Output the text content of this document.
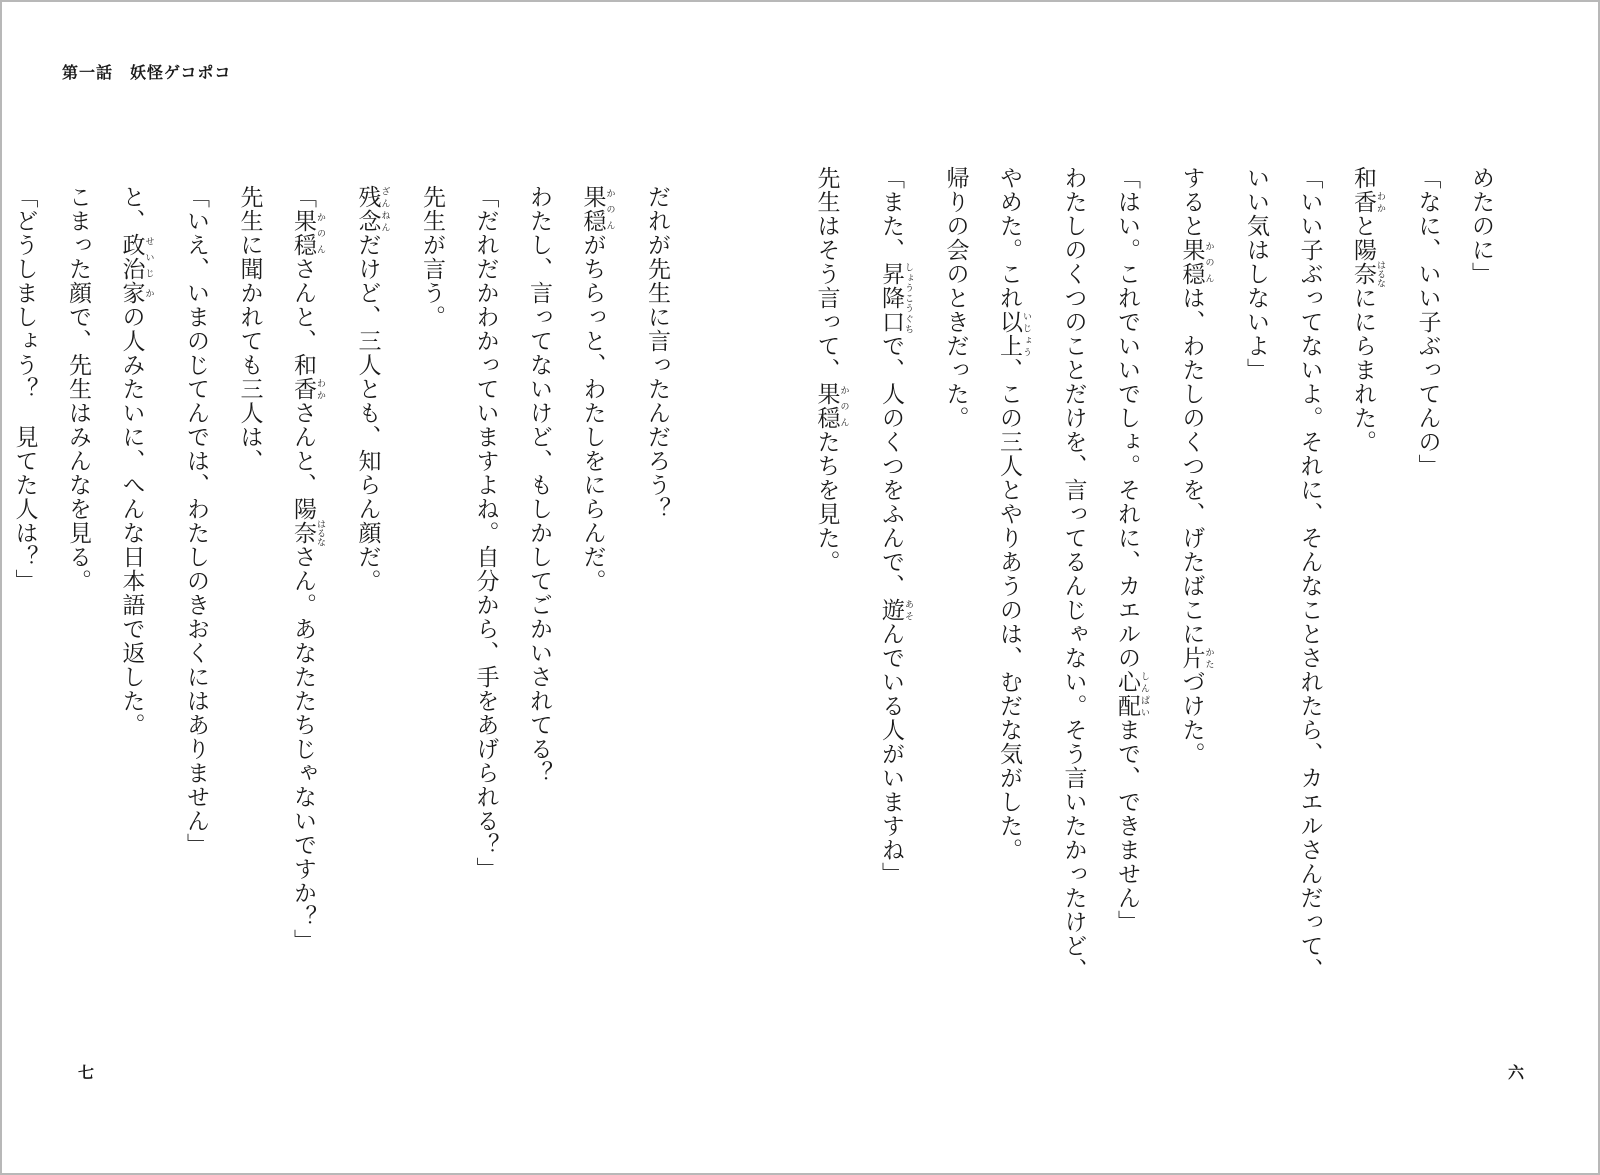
第一話　 妖怪ゲコポコ
めたのに」
「なに、いい子ぶってんの」
和香 わかと陽奈 はるなににらまれた。
「いい子ぶってないよ。それに、そんなことされたら、カエルさんだって、
いい気はしないよ」
すると果穏 かのんは、わたしのくつを、げたばこに片 かたづけた。
「はい。これでいいでしょ。それに、カエルの心配 しんぱいまで、できません」
わたしのくつのことだけを、言ってるんじゃない。そう言いたかったけど、
やめた。これ以上 いじょう、この三人とやりあうのは、むだな気がした。
帰りの会のときだった。
「また、昇降口 しょうこうぐちで、人のくつをふんで、遊 あそんでいる人がいますね」
先生はそう言って、果穏 かのんたちを見た。
だれが先生に言ったんだろう？
果穏 かのんがちらっと、わたしをにらんだ。
わたし、言ってないけど、もしかしてごかいされてる？
「だれだかわかっていますよね。自分から、手をあげられる？」
先生が言う。
残念 ざんねんだけど、三人とも、知らん顔だ。
「果穏 かのんさんと、和香 わかさんと、陽奈 はるなさん。あなたたちじゃないですか？」
先生に聞かれても三人は、
「いえ、いまのじてんでは、わたしのきおくにはありません」
と、政治 せいじ家 かの人みたいに、へんな日本語で返した。
こまった顔で、先生はみんなを見る。
「どうしましょう？　見てた人は？」
七	六
